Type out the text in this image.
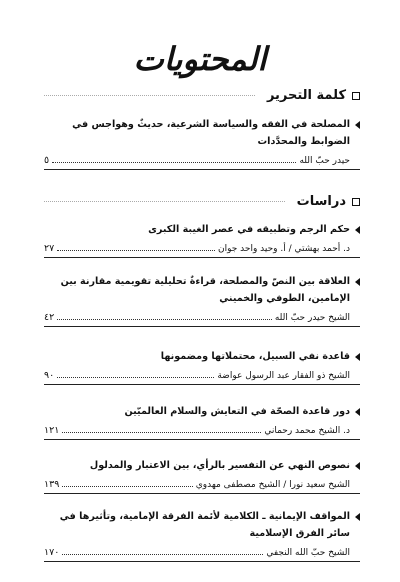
المحتويات
كلمة التحرير
المصلحة في الفقه والسياسة الشرعية، حديثٌ وهواجس في الضوابط والمحدَّدات
حيدر حبّ الله
٥
دراسات
حكم الرجم وتطبيقه في عصر الغيبة الكبرى
د. أحمد بهشتي / أ. وحيد واحد جوان
٢٧
العلاقة بين النصّ والمصلحة، قراءةٌ تحليلية تقويمية مقارنة بين الإمامين، الطوفي والخميني
الشيخ حيدر حبّ الله
٤٢
قاعدة نفي السبيل، محتملاتها ومضمونها
الشيخ ذو الفقار عبد الرسول عواضة
٩٠
دور قاعدة الصحّة في التعايش والسلام العالميّين
د. الشيخ محمد رحماني
١٢١
نصوص النهي عن التفسير بالرأي، بين الاعتبار والمدلول
الشيخ سعيد نورا / الشيخ مصطفى مهدوي
١٣٩
المواقف الإيمانية ـ الكلامية لأئمة الفرقة الإمامية، وتأثيرها في سائر الفرق الإسلامية
الشيخ حبّ الله النجفي
١٧٠
